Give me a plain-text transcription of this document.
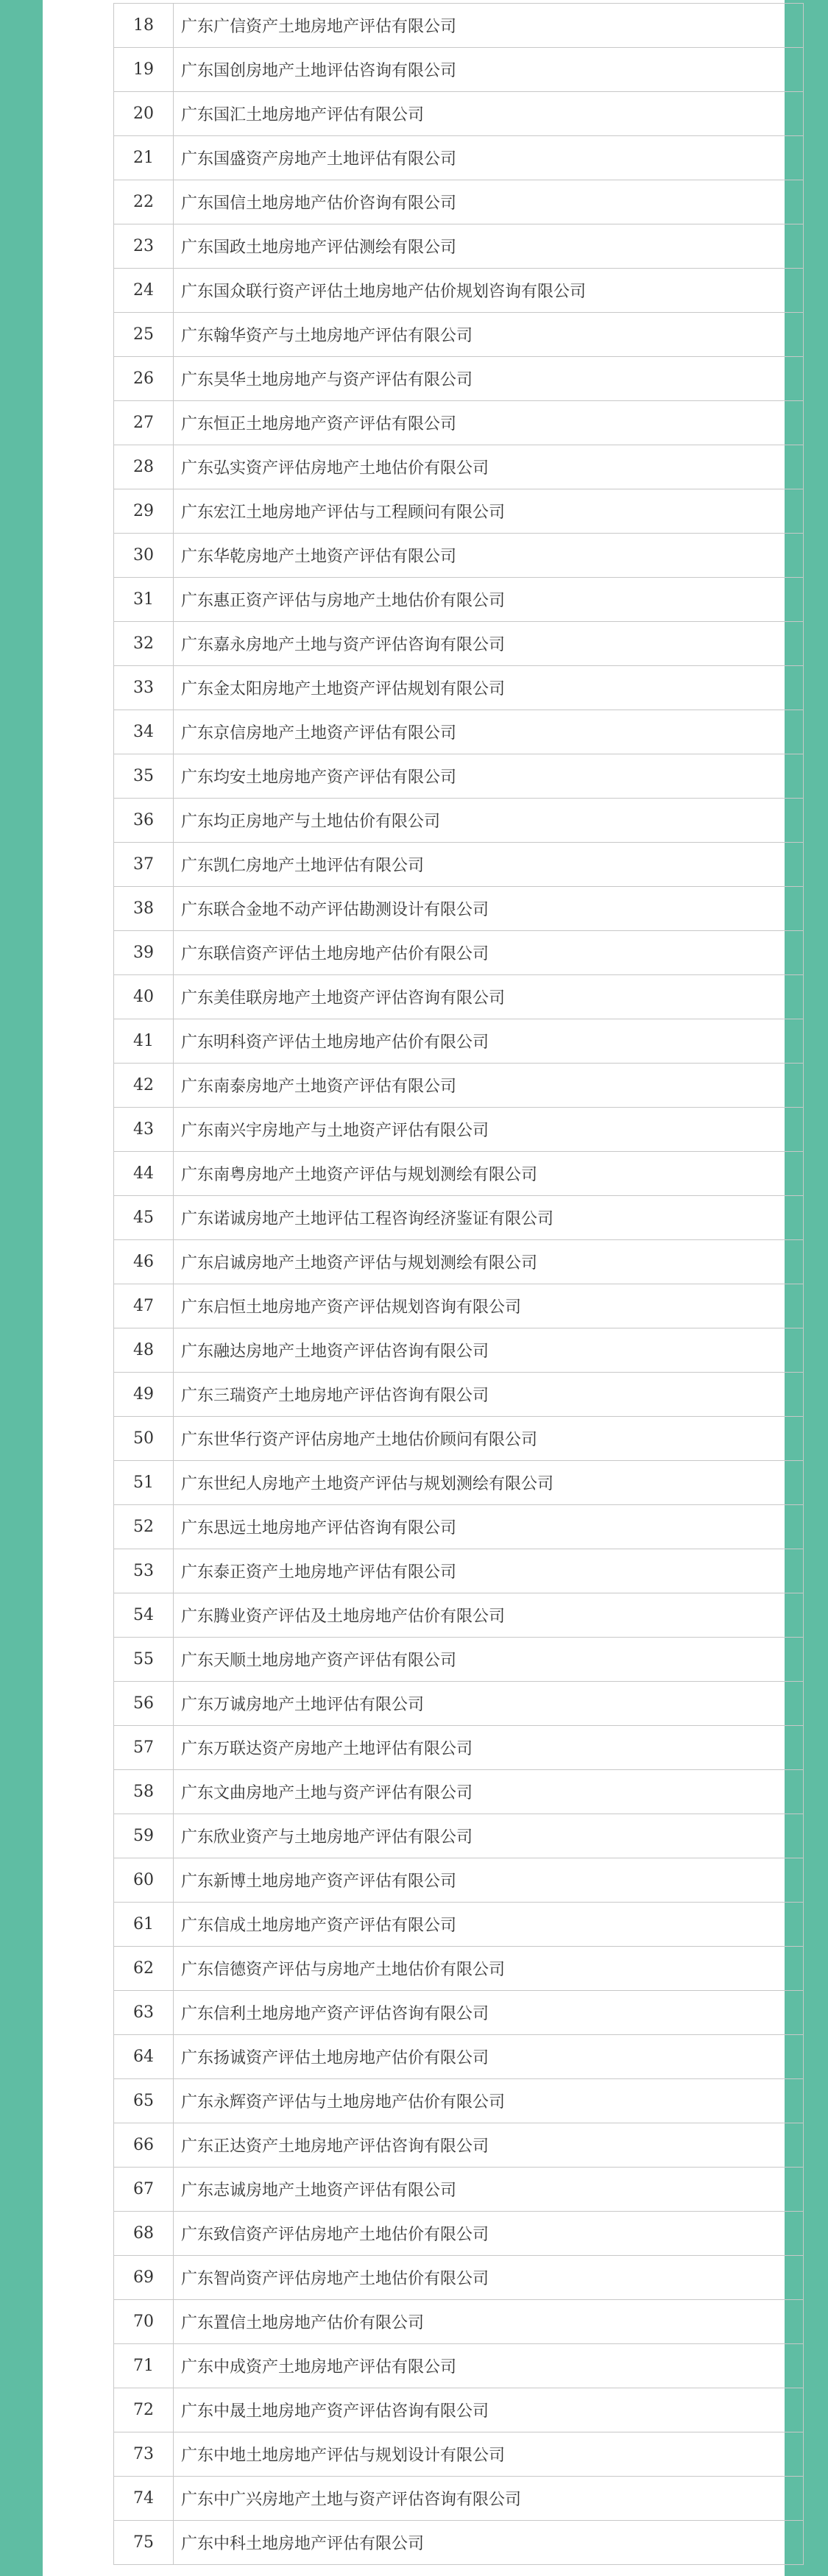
18	广东广信资产土地房地产评估有限公司
19	广东国创房地产土地评估咨询有限公司
20	广东国汇土地房地产评估有限公司
21	广东国盛资产房地产土地评估有限公司
22	广东国信土地房地产估价咨询有限公司
23	广东国政土地房地产评估测绘有限公司
24	广东国众联行资产评估土地房地产估价规划咨询有限公司
25	广东翰华资产与土地房地产评估有限公司
26	广东昊华土地房地产与资产评估有限公司
27	广东恒正土地房地产资产评估有限公司
28	广东弘实资产评估房地产土地估价有限公司
29	广东宏江土地房地产评估与工程顾问有限公司
30	广东华乾房地产土地资产评估有限公司
31	广东惠正资产评估与房地产土地估价有限公司
32	广东嘉永房地产土地与资产评估咨询有限公司
33	广东金太阳房地产土地资产评估规划有限公司
34	广东京信房地产土地资产评估有限公司
35	广东均安土地房地产资产评估有限公司
36	广东均正房地产与土地估价有限公司
37	广东凯仁房地产土地评估有限公司
38	广东联合金地不动产评估勘测设计有限公司
39	广东联信资产评估土地房地产估价有限公司
40	广东美佳联房地产土地资产评估咨询有限公司
41	广东明科资产评估土地房地产估价有限公司
42	广东南泰房地产土地资产评估有限公司
43	广东南兴宇房地产与土地资产评估有限公司
44	广东南粤房地产土地资产评估与规划测绘有限公司
45	广东诺诚房地产土地评估工程咨询经济鉴证有限公司
46	广东启诚房地产土地资产评估与规划测绘有限公司
47	广东启恒土地房地产资产评估规划咨询有限公司
48	广东融达房地产土地资产评估咨询有限公司
49	广东三瑞资产土地房地产评估咨询有限公司
50	广东世华行资产评估房地产土地估价顾问有限公司
51	广东世纪人房地产土地资产评估与规划测绘有限公司
52	广东思远土地房地产评估咨询有限公司
53	广东泰正资产土地房地产评估有限公司
54	广东腾业资产评估及土地房地产估价有限公司
55	广东天顺土地房地产资产评估有限公司
56	广东万诚房地产土地评估有限公司
57	广东万联达资产房地产土地评估有限公司
58	广东文曲房地产土地与资产评估有限公司
59	广东欣业资产与土地房地产评估有限公司
60	广东新博土地房地产资产评估有限公司
61	广东信成土地房地产资产评估有限公司
62	广东信德资产评估与房地产土地估价有限公司
63	广东信利土地房地产资产评估咨询有限公司
64	广东扬诚资产评估土地房地产估价有限公司
65	广东永辉资产评估与土地房地产估价有限公司
66	广东正达资产土地房地产评估咨询有限公司
67	广东志诚房地产土地资产评估有限公司
68	广东致信资产评估房地产土地估价有限公司
69	广东智尚资产评估房地产土地估价有限公司
70	广东置信土地房地产估价有限公司
71	广东中成资产土地房地产评估有限公司
72	广东中晟土地房地产资产评估咨询有限公司
73	广东中地土地房地产评估与规划设计有限公司
74	广东中广兴房地产土地与资产评估咨询有限公司
75	广东中科土地房地产评估有限公司
